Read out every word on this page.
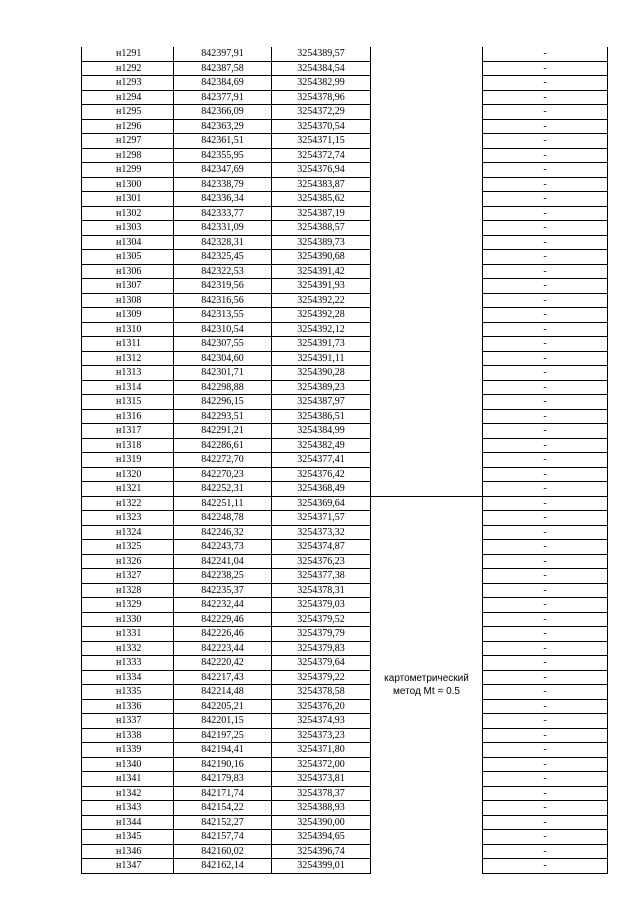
н1291	842397,91	3254389,57		-
н1292	842387,58	3254384,54		-
н1293	842384,69	3254382,99		-
н1294	842377,91	3254378,96		-
н1295	842366,09	3254372,29		-
н1296	842363,29	3254370,54		-
н1297	842361,51	3254371,15		-
н1298	842355,95	3254372,74		-
н1299	842347,69	3254376,94		-
н1300	842338,79	3254383,87		-
н1301	842336,34	3254385,62		-
н1302	842333,77	3254387,19		-
н1303	842331,09	3254388,57		-
н1304	842328,31	3254389,73		-
н1305	842325,45	3254390,68		-
н1306	842322,53	3254391,42		-
н1307	842319,56	3254391,93		-
н1308	842316,56	3254392,22		-
н1309	842313,55	3254392,28		-
н1310	842310,54	3254392,12		-
н1311	842307,55	3254391,73		-
н1312	842304,60	3254391,11		-
н1313	842301,71	3254390,28		-
н1314	842298,88	3254389,23		-
н1315	842296,15	3254387,97		-
н1316	842293,51	3254386,51		-
н1317	842291,21	3254384,99		-
н1318	842286,61	3254382,49		-
н1319	842272,70	3254377,41		-
н1320	842270,23	3254376,42		-
н1321	842252,31	3254368,49		-
н1322	842251,11	3254369,64	картометрический метод Mt = 0.5	-
н1323	842248,78	3254371,57		-
н1324	842246,32	3254373,32		-
н1325	842243,73	3254374,87		-
н1326	842241,04	3254376,23		-
н1327	842238,25	3254377,38		-
н1328	842235,37	3254378,31		-
н1329	842232,44	3254379,03		-
н1330	842229,46	3254379,52		-
н1331	842226,46	3254379,79		-
н1332	842223,44	3254379,83		-
н1333	842220,42	3254379,64		-
н1334	842217,43	3254379,22		-
н1335	842214,48	3254378,58		-
н1336	842205,21	3254376,20		-
н1337	842201,15	3254374,93		-
н1338	842197,25	3254373,23		-
н1339	842194,41	3254371,80		-
н1340	842190,16	3254372,00		-
н1341	842179,83	3254373,81		-
н1342	842171,74	3254378,37		-
н1343	842154,22	3254388,93		-
н1344	842152,27	3254390,00		-
н1345	842157,74	3254394,65		-
н1346	842160,02	3254396,74		-
н1347	842162,14	3254399,01		-
